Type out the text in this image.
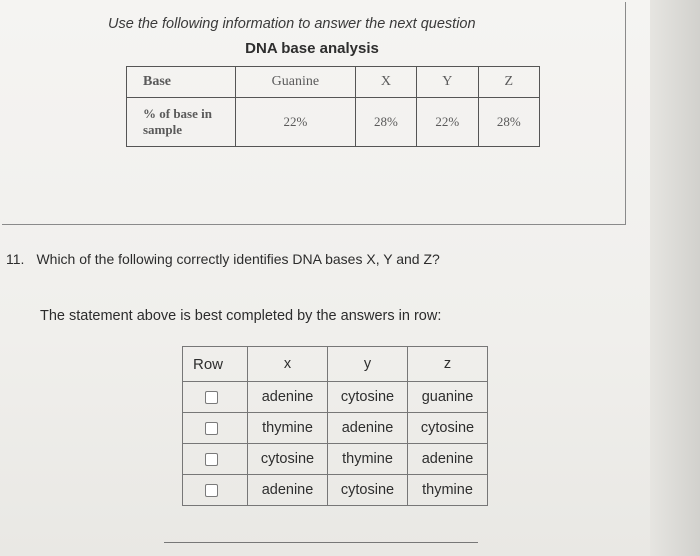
Use the following information to answer the next question
DNA base analysis
Base	Guanine	X	Y	Z
% of base in sample	22%	28%	22%	28%
11. Which of the following correctly identifies DNA bases X, Y and Z?
The statement above is best completed by the answers in row:
Row	x	y	z
	adenine	cytosine	guanine
	thymine	adenine	cytosine
	cytosine	thymine	adenine
	adenine	cytosine	thymine
